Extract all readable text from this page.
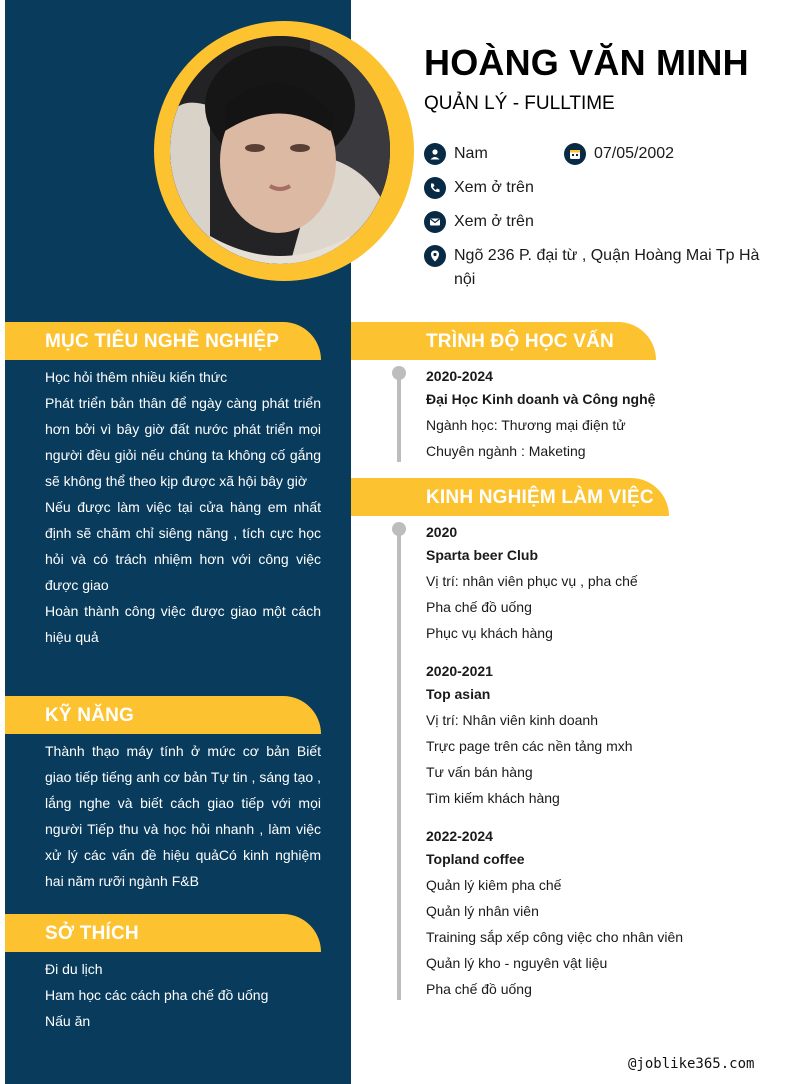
HOÀNG VĂN MINH
QUẢN LÝ - FULLTIME
Nam	07/05/2002
Xem ở trên
Xem ở trên
Ngõ 236 P. đại từ , Quận Hoàng Mai Tp Hà nội
MỤC TIÊU NGHỀ NGHIỆP

Học hỏi thêm nhiều kiến thức

Phát triển bản thân để ngày càng phát triển hơn bởi vì bây giờ đất nước phát triển mọi người đều giỏi nếu chúng ta không cố gắng sẽ không thể theo kịp được xã hội bây giờ

Nếu được làm việc tại cửa hàng em nhất định sẽ chăm chỉ siêng năng , tích cực học hỏi và có trách nhiệm hơn với công việc được giao

Hoàn thành công việc được giao một cách hiệu quả

KỸ NĂNG

Thành thạo máy tính ở mức cơ bản Biết giao tiếp tiếng anh cơ bản Tự tin , sáng tạo , lắng nghe và biết cách giao tiếp với mọi người Tiếp thu và học hỏi nhanh , làm việc xử lý các vấn đề hiệu quảCó kinh nghiệm hai năm rưỡi ngành F&B

SỞ THÍCH

Đi du lịch

Ham học các cách pha chế đồ uống

Nấu ăn

TRÌNH ĐỘ HỌC VẤN
2020-2024
Đại Học Kinh doanh và Công nghệ
Ngành học: Thương mại điện tử
Chuyên ngành : Maketing
KINH NGHIỆM LÀM VIỆC
2020
Sparta beer Club
Vị trí: nhân viên phục vụ , pha chế
Pha chế đồ uống
Phục vụ khách hàng
2020-2021
Top asian
Vị trí: Nhân viên kinh doanh
Trực page trên các nền tảng mxh
Tư vấn bán hàng
Tìm kiếm khách hàng
2022-2024
Topland coffee
Quản lý kiêm pha chế
Quản lý nhân viên
Training sắp xếp công việc cho nhân viên
Quản lý kho - nguyên vật liệu
Pha chế đồ uống
@joblike365.com
